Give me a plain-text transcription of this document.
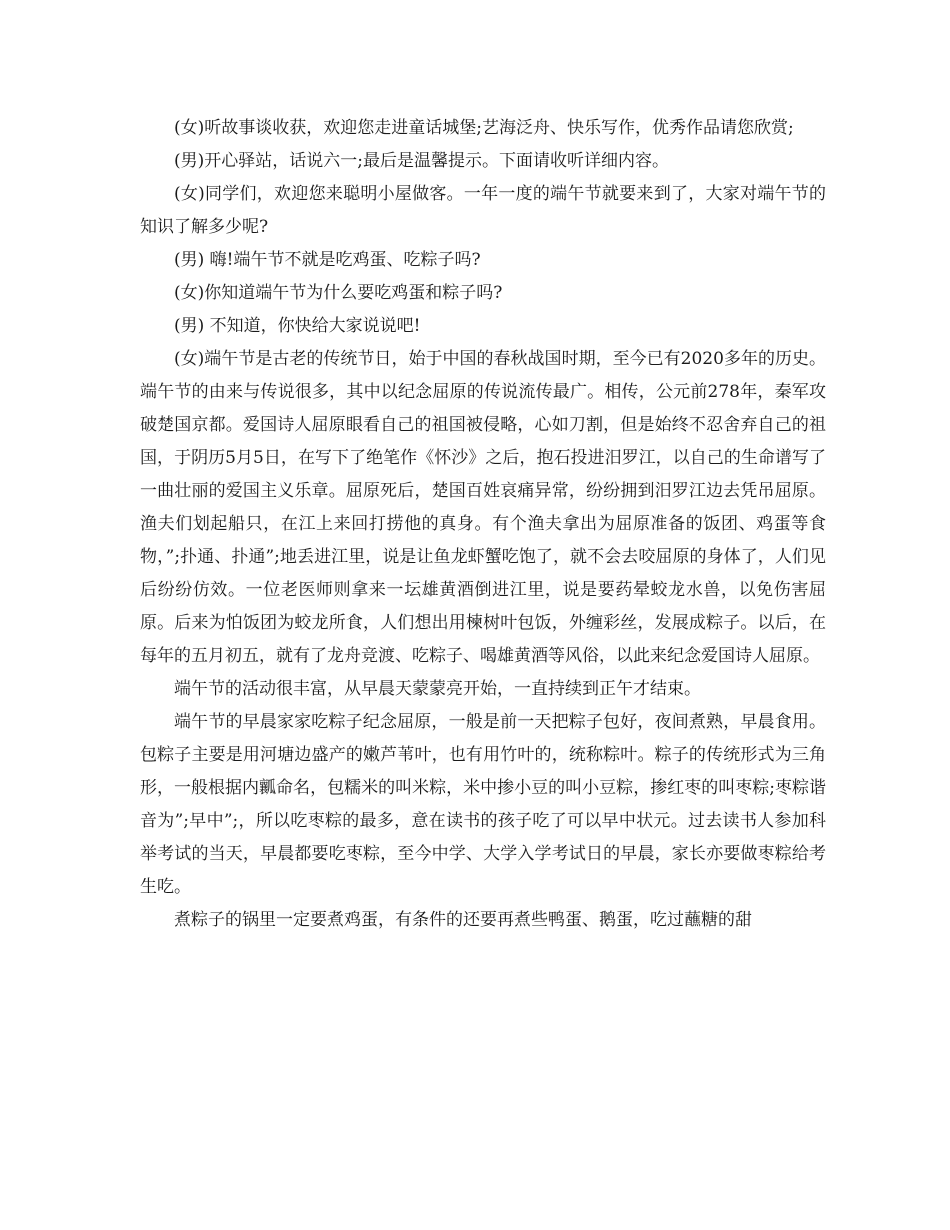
(女)听故事谈收获，欢迎您走进童话城堡;艺海泛舟、快乐写作，优秀作品请您欣赏;

(男)开心驿站，话说六一;最后是温馨提示。下面请收听详细内容。

(女)同学们，欢迎您来聪明小屋做客。一年一度的端午节就要来到了，大家对端午节的知识了解多少呢?

(男) 嗨!端午节不就是吃鸡蛋、吃粽子吗?

(女)你知道端午节为什么要吃鸡蛋和粽子吗?

(男) 不知道，你快给大家说说吧!

(女)端午节是古老的传统节日，始于中国的春秋战国时期，至今已有2020多年的历史。端午节的由来与传说很多，其中以纪念屈原的传说流传最广。相传，公元前278年，秦军攻破楚国京都。爱国诗人屈原眼看自己的祖国被侵略，心如刀割，但是始终不忍舍弃自己的祖国，于阴历5月5日，在写下了绝笔作《怀沙》之后，抱石投进汨罗江，以自己的生命谱写了一曲壮丽的爱国主义乐章。屈原死后，楚国百姓哀痛异常，纷纷拥到汨罗江边去凭吊屈原。渔夫们划起船只，在江上来回打捞他的真身。有个渔夫拿出为屈原准备的饭团、鸡蛋等食物，”;扑通、扑通”;地丢进江里，说是让鱼龙虾蟹吃饱了，就不会去咬屈原的身体了，人们见后纷纷仿效。一位老医师则拿来一坛雄黄酒倒进江里，说是要药晕蛟龙水兽，以免伤害屈原。后来为怕饭团为蛟龙所食，人们想出用楝树叶包饭，外缠彩丝，发展成粽子。以后，在每年的五月初五，就有了龙舟竞渡、吃粽子、喝雄黄酒等风俗，以此来纪念爱国诗人屈原。

端午节的活动很丰富，从早晨天蒙蒙亮开始，一直持续到正午才结束。

端午节的早晨家家吃粽子纪念屈原，一般是前一天把粽子包好，夜间煮熟，早晨食用。包粽子主要是用河塘边盛产的嫩芦苇叶，也有用竹叶的，统称粽叶。粽子的传统形式为三角形，一般根据内瓤命名，包糯米的叫米粽，米中掺小豆的叫小豆粽，掺红枣的叫枣粽;枣粽谐音为”;早中”;，所以吃枣粽的最多，意在读书的孩子吃了可以早中状元。过去读书人参加科举考试的当天，早晨都要吃枣粽，至今中学、大学入学考试日的早晨，家长亦要做枣粽给考生吃。

煮粽子的锅里一定要煮鸡蛋，有条件的还要再煮些鸭蛋、鹅蛋，吃过蘸糖的甜
